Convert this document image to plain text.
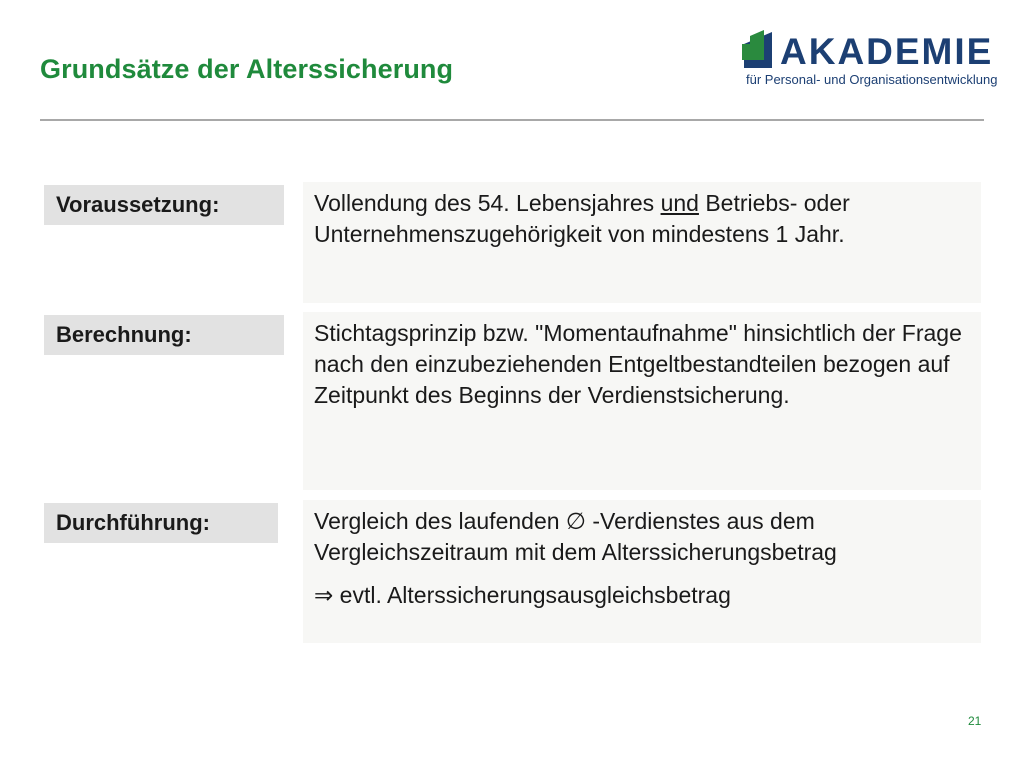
Grundsätze der Alterssicherung	AKADEMIE
für Personal- und Organisationsentwicklung
Voraussetzung:	Vollendung des 54. Lebensjahres und Betriebs- oder Unternehmenszugehörigkeit von mindestens 1 Jahr.

Berechnung:	Stichtagsprinzip bzw. "Momentaufnahme" hinsichtlich der Frage nach den einzubeziehenden Entgeltbestandteilen bezogen auf Zeitpunkt des Beginns der Verdienstsicherung.

Durchführung:	Vergleich des laufenden ∅ -Verdienstes aus dem Vergleichszeitraum mit dem Alterssicherungsbetrag

⇒ evtl. Alterssicherungsausgleichsbetrag

21
